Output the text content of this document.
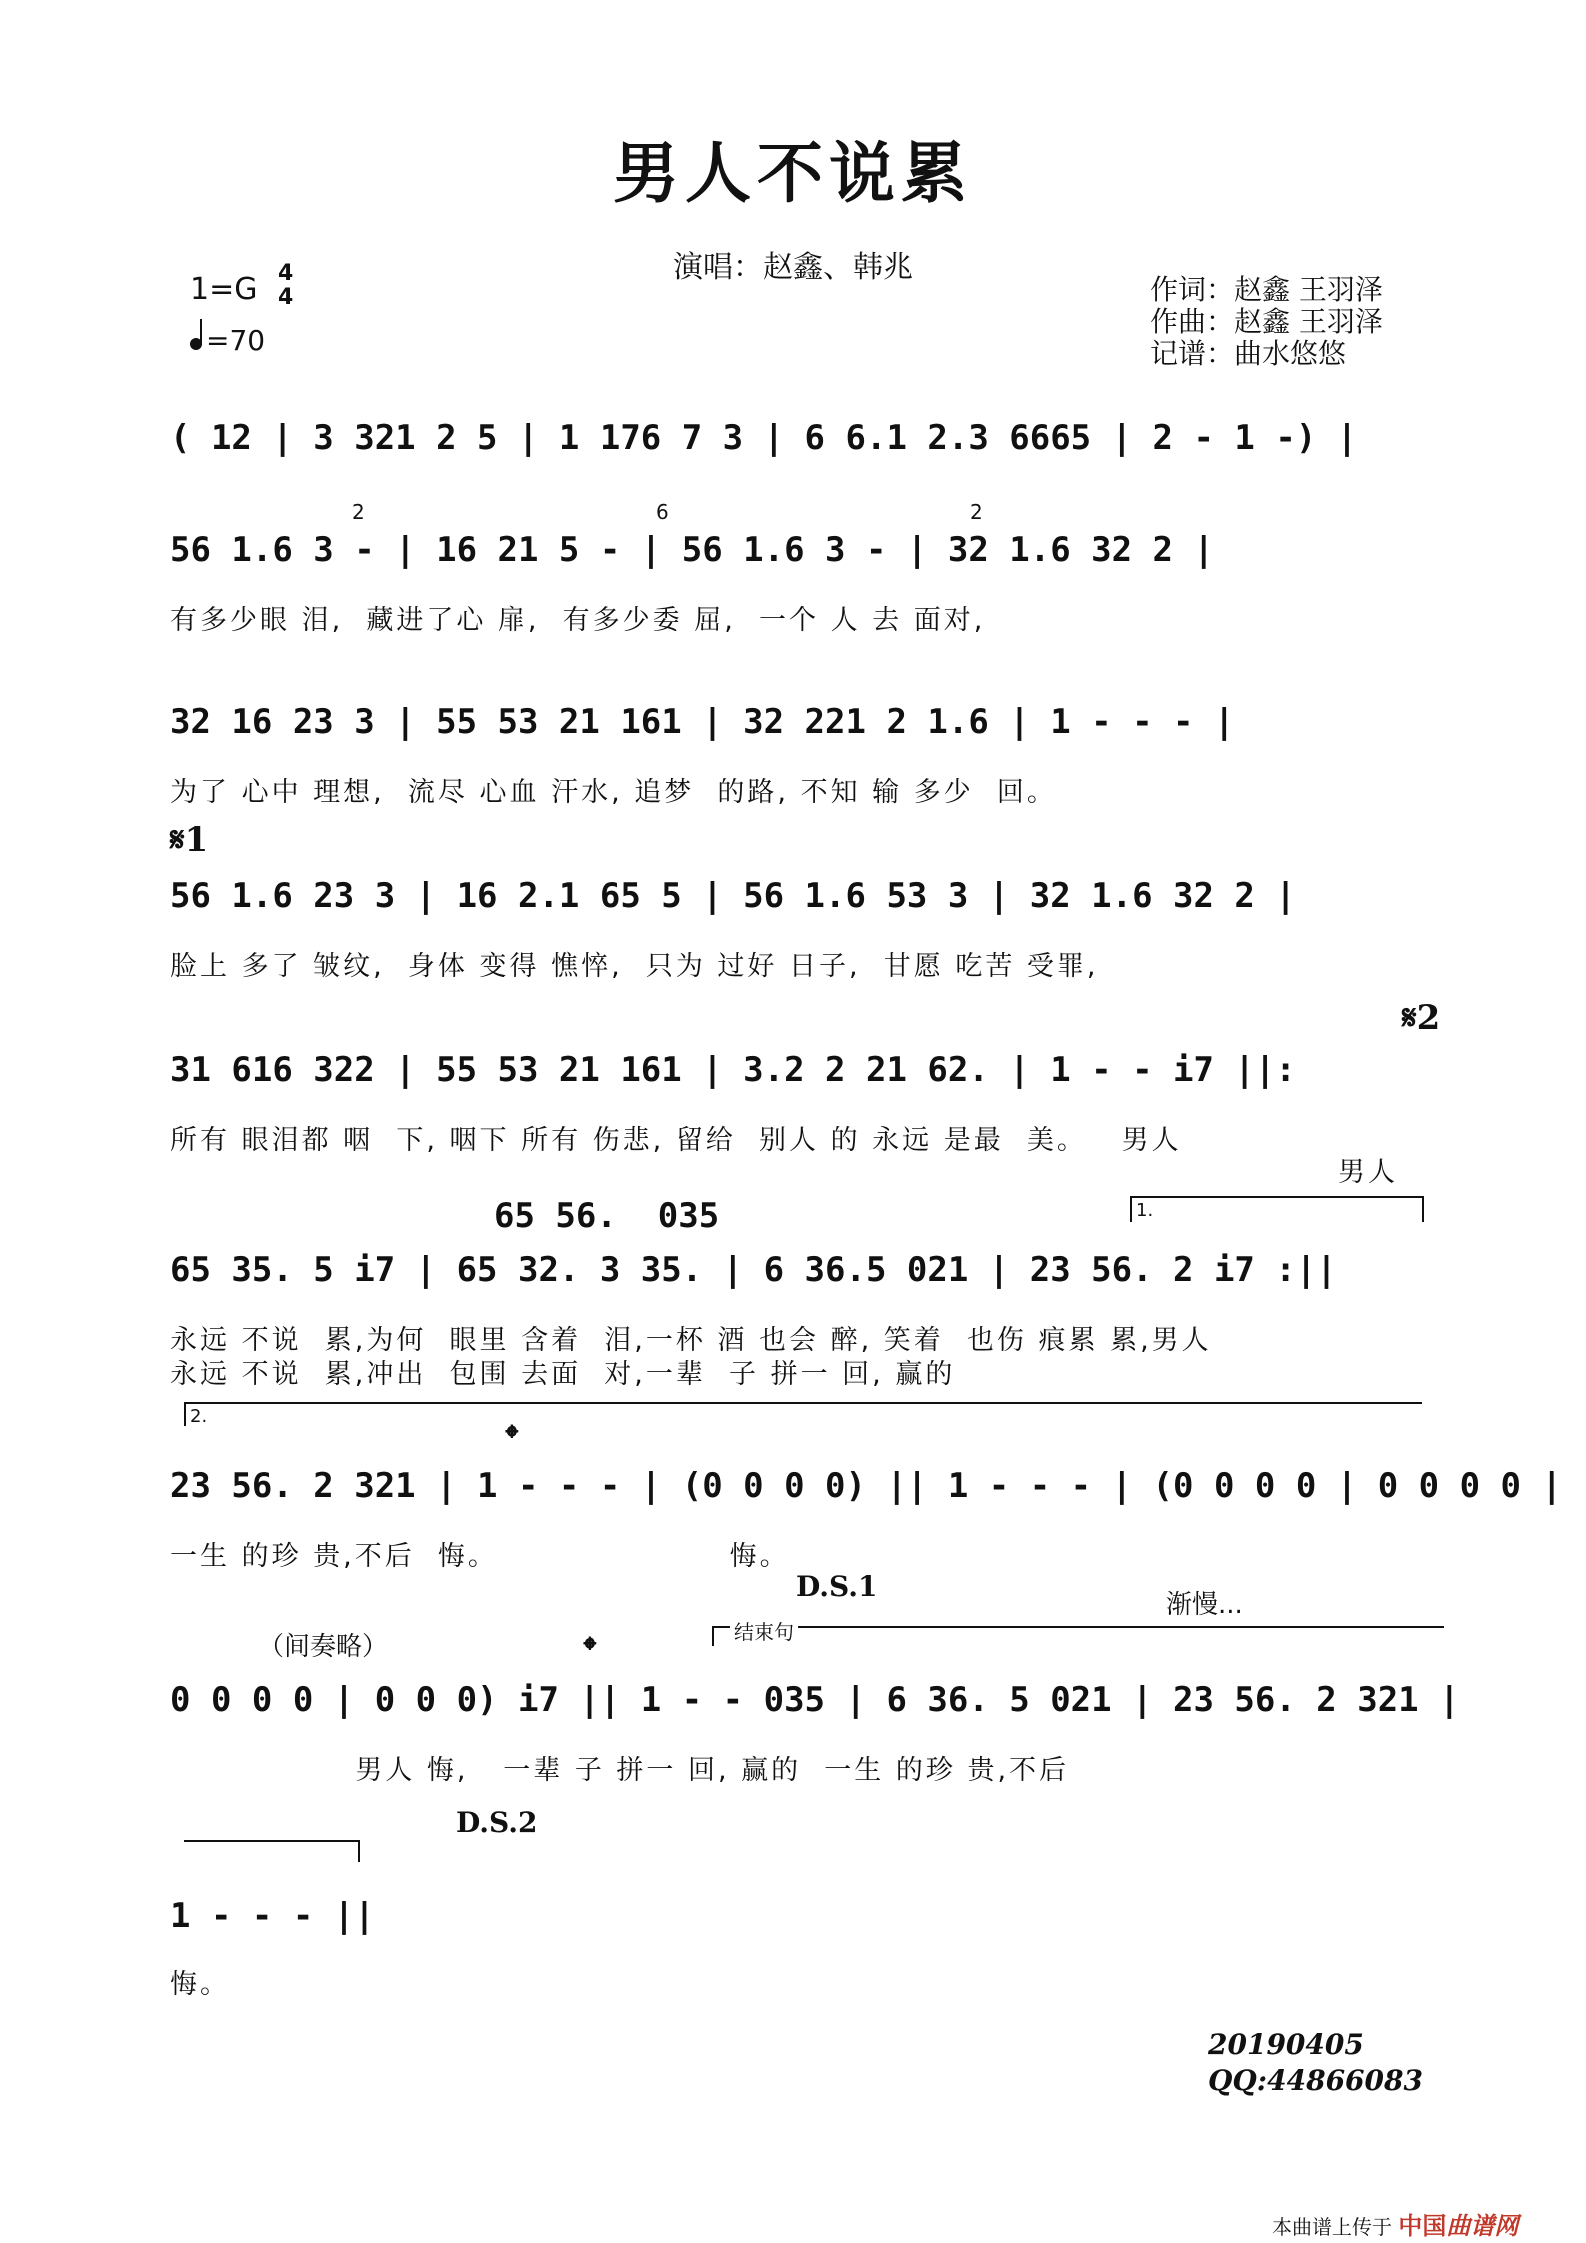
男人不说累
演唱：赵鑫、韩兆
作词：赵鑫 王羽泽
作曲：赵鑫 王羽泽
记谱：曲水悠悠
1=G 4
4
=70
( 12 | 3 321 2 5 | 1 176 7 3 | 6 6.1 2.3 6665 | 2 - 1 -) |
56 1.6 3 - | 16 21 5 - | 56 1.6 3 - | 32 1.6 32 2 |
2	6	2
有多少眼 泪,  藏进了心 扉,  有多少委 屈,  一个 人 去 面对,
32 16 23 3 | 55 53 21 161 | 32 221 2 1.6 | 1 - - - |
为了 心中 理想,  流尽 心血 汗水, 追梦  的路, 不知 输 多少  回。
𝄋1
56 1.6 23 3 | 16 2.1 65 5 | 56 1.6 53 3 | 32 1.6 32 2 |
脸上 多了 皱纹,  身体 变得 憔悴,  只为 过好 日子,  甘愿 吃苦 受罪,
𝄋2
31 616 322 | 55 53 21 161 | 3.2 2 21 62. | 1 - - i7 ||:
所有 眼泪都 咽  下, 咽下 所有 伤悲, 留给  别人 的 永远 是最  美。   男人
男人
65 56.  035	1.
65 35. 5 i7 | 65 32. 3 35. | 6 36.5 021 | 23 56. 2 i7 :||
永远 不说  累,为何  眼里 含着  泪,一杯 酒 也会 醉, 笑着  也伤 痕累 累,男人
永远 不说  累,冲出  包围 去面  对,一辈  子 拼一 回, 赢的
2.
𝄌
23 56. 2 321 | 1 - - - | (0 0 0 0) || 1 - - - | (0 0 0 0 | 0 0 0 0 |
一生 的珍 贵,不后  悔。                    悔。
D.S.1
渐慢...
结束句
（间奏略）	𝄌
0 0 0 0 | 0 0 0) i7 || 1 - - 035 | 6 36. 5 021 | 23 56. 2 321 |
男人 悔,   一辈 子 拼一 回, 赢的  一生 的珍 贵,不后
D.S.2
1 - - - ||
悔。
20190405
QQ:44866083
本曲谱上传于 中国曲谱网
